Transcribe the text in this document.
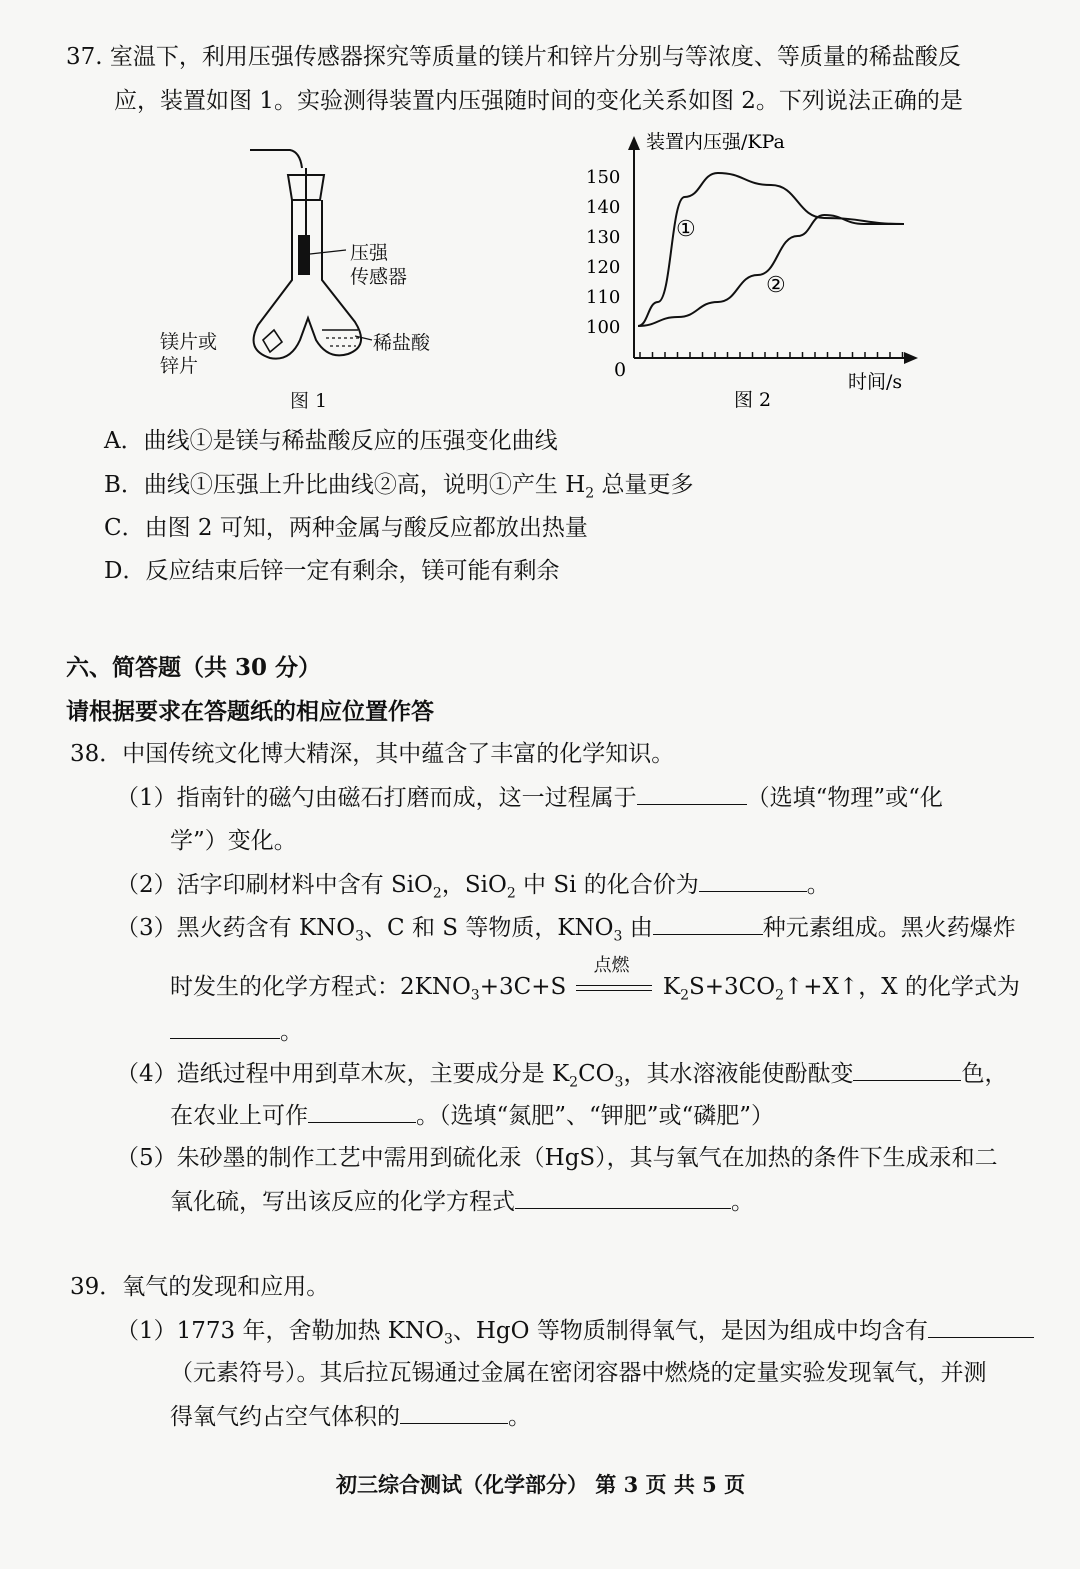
37. 室温下，利用压强传感器探究等质量的镁片和锌片分别与等浓度、等质量的稀盐酸反
应，装置如图 1。实验测得装置内压强随时间的变化关系如图 2。下列说法正确的是
压强
传感器
镁片或
锌片
稀盐酸
图 1
150
140
130
120
110
100
装置内压强/KPa
时间/s
0
①
②
图 2
A．曲线①是镁与稀盐酸反应的压强变化曲线
B．曲线①压强上升比曲线②高，说明①产生 $H_2$ 总量更多
C．由图 2 可知，两种金属与酸反应都放出热量
D．反应结束后锌一定有剩余，镁可能有剩余
六、简答题（共 30 分）
请根据要求在答题纸的相应位置作答
38．中国传统文化博大精深，其中蕴含了丰富的化学知识。
（1）指南针的磁勺由磁石打磨而成，这一过程属于	（选填“物理”或“化
学”）变化。
（2）活字印刷材料中含有 SiO$_2$，SiO$_2$ 中 Si 的化合价为	。
（3）黑火药含有 $KNO_3$、C 和 S 等物质，$KNO_3$ 由	种元素组成。黑火药爆炸
时发生的化学方程式：$2KNO_3+3C+S$
点燃
$K_2S+3CO_2↑+X↑$，X 的化学式为
。
（4）造纸过程中用到草木灰，主要成分是 $K_2CO_3$，其水溶液能使酚酞变	色，
在农业上可作	。（选填“氮肥”、“钾肥”或“磷肥”）
（5）朱砂墨的制作工艺中需用到硫化汞（HgS），其与氧气在加热的条件下生成汞和二
氧化硫，写出该反应的化学方程式	。
39．氧气的发现和应用。
（1）1773 年，舍勒加热 $KNO_3$、HgO 等物质制得氧气，是因为组成中均含有
（元素符号）。其后拉瓦锡通过金属在密闭容器中燃烧的定量实验发现氧气，并测
得氧气约占空气体积的	。
初三综合测试（化学部分） 第 3 页 共 5 页
